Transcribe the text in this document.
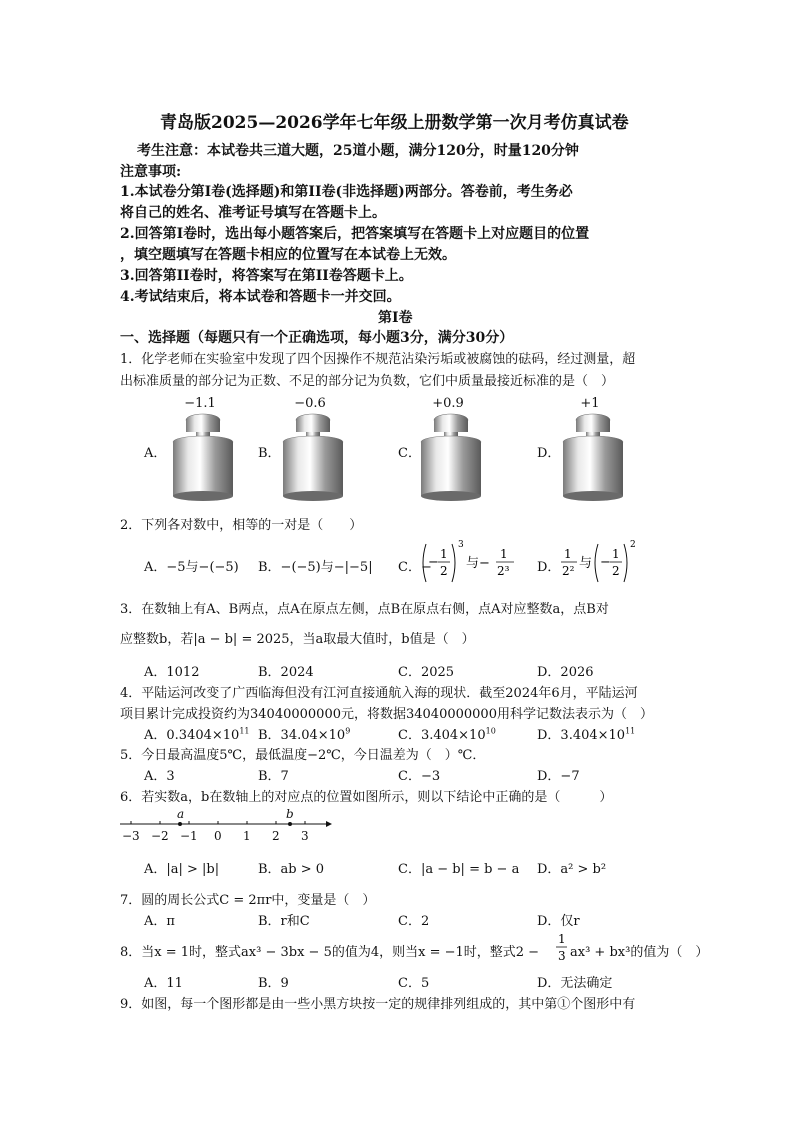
青岛版2025—2026学年七年级上册数学第一次月考仿真试卷
考生注意：本试卷共三道大题，25道小题，满分120分，时量120分钟
注意事项:
1.本试卷分第Ⅰ卷(选择题)和第II卷(非选择题)两部分。答卷前，考生务必
将自己的姓名、准考证号填写在答题卡上。
2.回答第Ⅰ卷时，选出每小题答案后，把答案填写在答题卡上对应题目的位置
，填空题填写在答题卡相应的位置写在本试卷上无效。
3.回答第II卷时，将答案写在第II卷答题卡上。
4.考试结束后，将本试卷和答题卡一并交回。
第Ⅰ卷
一、选择题（每题只有一个正确选项，每小题3分，满分30分）
1．化学老师在实验室中发现了四个因操作不规范沾染污垢或被腐蚀的砝码，经过测量，超
出标准质量的部分记为正数、不足的部分记为负数，它们中质量最接近标准的是（　）
A．
−1.1
B．
−0.6
C．
+0.9
D．
+1
2．下列各对数中，相等的一对是（　　）
A．−5与−(−5) B．−(−5)与−|−5| C．−
−
1
2
3
与−
1
2³ D．
1
2² 与 −
1
2
2
3．在数轴上有A、B两点，点A在原点左侧，点B在原点右侧，点A对应整数a，点B对
应整数b，若|a − b| = 2025，当a取最大值时，b值是（　）
A．1012	B．2024	C．2025	D．2026
4．平陆运河改变了广西临海但没有江河直接通航入海的现状．截至2024年6月，平陆运河
项目累计完成投资约为34040000000元，将数据34040000000用科学记数法表示为（　）
A．$0.3404\times 10^{11}$ B．$34.04\times 10^9$	C．$3.404\times 10^{10}$	D．$3.404\times 10^{11}$
5．今日最高温度5℃，最低温度−2℃，今日温差为（　）℃．
A．3	B．7	C．−3	D．−7
6．若实数a，b在数轴上的对应点的位置如图所示，则以下结论中正确的是（　　　）
−3 −2 −1 0 1 2 3
a	b
A．|a| > |b|	B．ab > 0	C．|a − b| = b − a D．a² > b²
7．圆的周长公式C = 2πr中，变量是（　）
A．π	B．r和C	C．2	D．仅r
8．当x = 1时，整式ax³ − 3bx − 5的值为4，则当x = −1时，整式2 −
1
3 ax³ + bx³的值为（　）
A．11	B．9	C．5	D．无法确定
9．如图，每一个图形都是由一些小黑方块按一定的规律排列组成的，其中第①个图形中有
